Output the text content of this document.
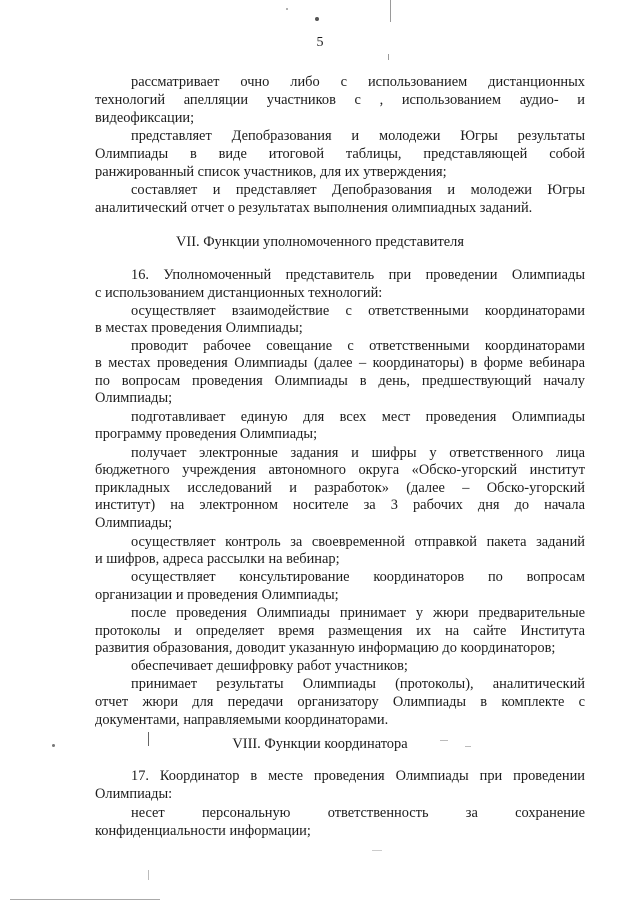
5
рассматривает очно либо с использованием дистанционных
технологий апелляции участников с , использованием аудио- и
видеофиксации;
представляет Депобразования и молодежи Югры результаты
Олимпиады в виде итоговой таблицы, представляющей собой
ранжированный список участников, для их утверждения;
составляет и представляет Депобразования и молодежи Югры
аналитический отчет о результатах выполнения олимпиадных заданий.
VII. Функции уполномоченного представителя
16. Уполномоченный представитель при проведении Олимпиады
с использованием дистанционных технологий:
осуществляет взаимодействие с ответственными координаторами
в местах проведения Олимпиады;
проводит рабочее совещание с ответственными координаторами
в местах проведения Олимпиады (далее – координаторы) в форме вебинара
по вопросам проведения Олимпиады в день, предшествующий началу
Олимпиады;
подготавливает единую для всех мест проведения Олимпиады
программу проведения Олимпиады;
получает электронные задания и шифры у ответственного лица
бюджетного учреждения автономного округа «Обско-угорский институт
прикладных исследований и разработок» (далее – Обско-угорский
институт) на электронном носителе за 3 рабочих дня до начала
Олимпиады;
осуществляет контроль за своевременной отправкой пакета заданий
и шифров, адреса рассылки на вебинар;
осуществляет консультирование координаторов по вопросам
организации и проведения Олимпиады;
после проведения Олимпиады принимает у жюри предварительные
протоколы и определяет время размещения их на сайте Института
развития образования, доводит указанную информацию до координаторов;
обеспечивает дешифровку работ участников;
принимает результаты Олимпиады (протоколы), аналитический
отчет жюри для передачи организатору Олимпиады в комплекте с
документами, направляемыми координаторами.
VIII. Функции координатора
17. Координатор в месте проведения Олимпиады при проведении
Олимпиады:
несет персональную ответственность за сохранение
конфиденциальности информации;
